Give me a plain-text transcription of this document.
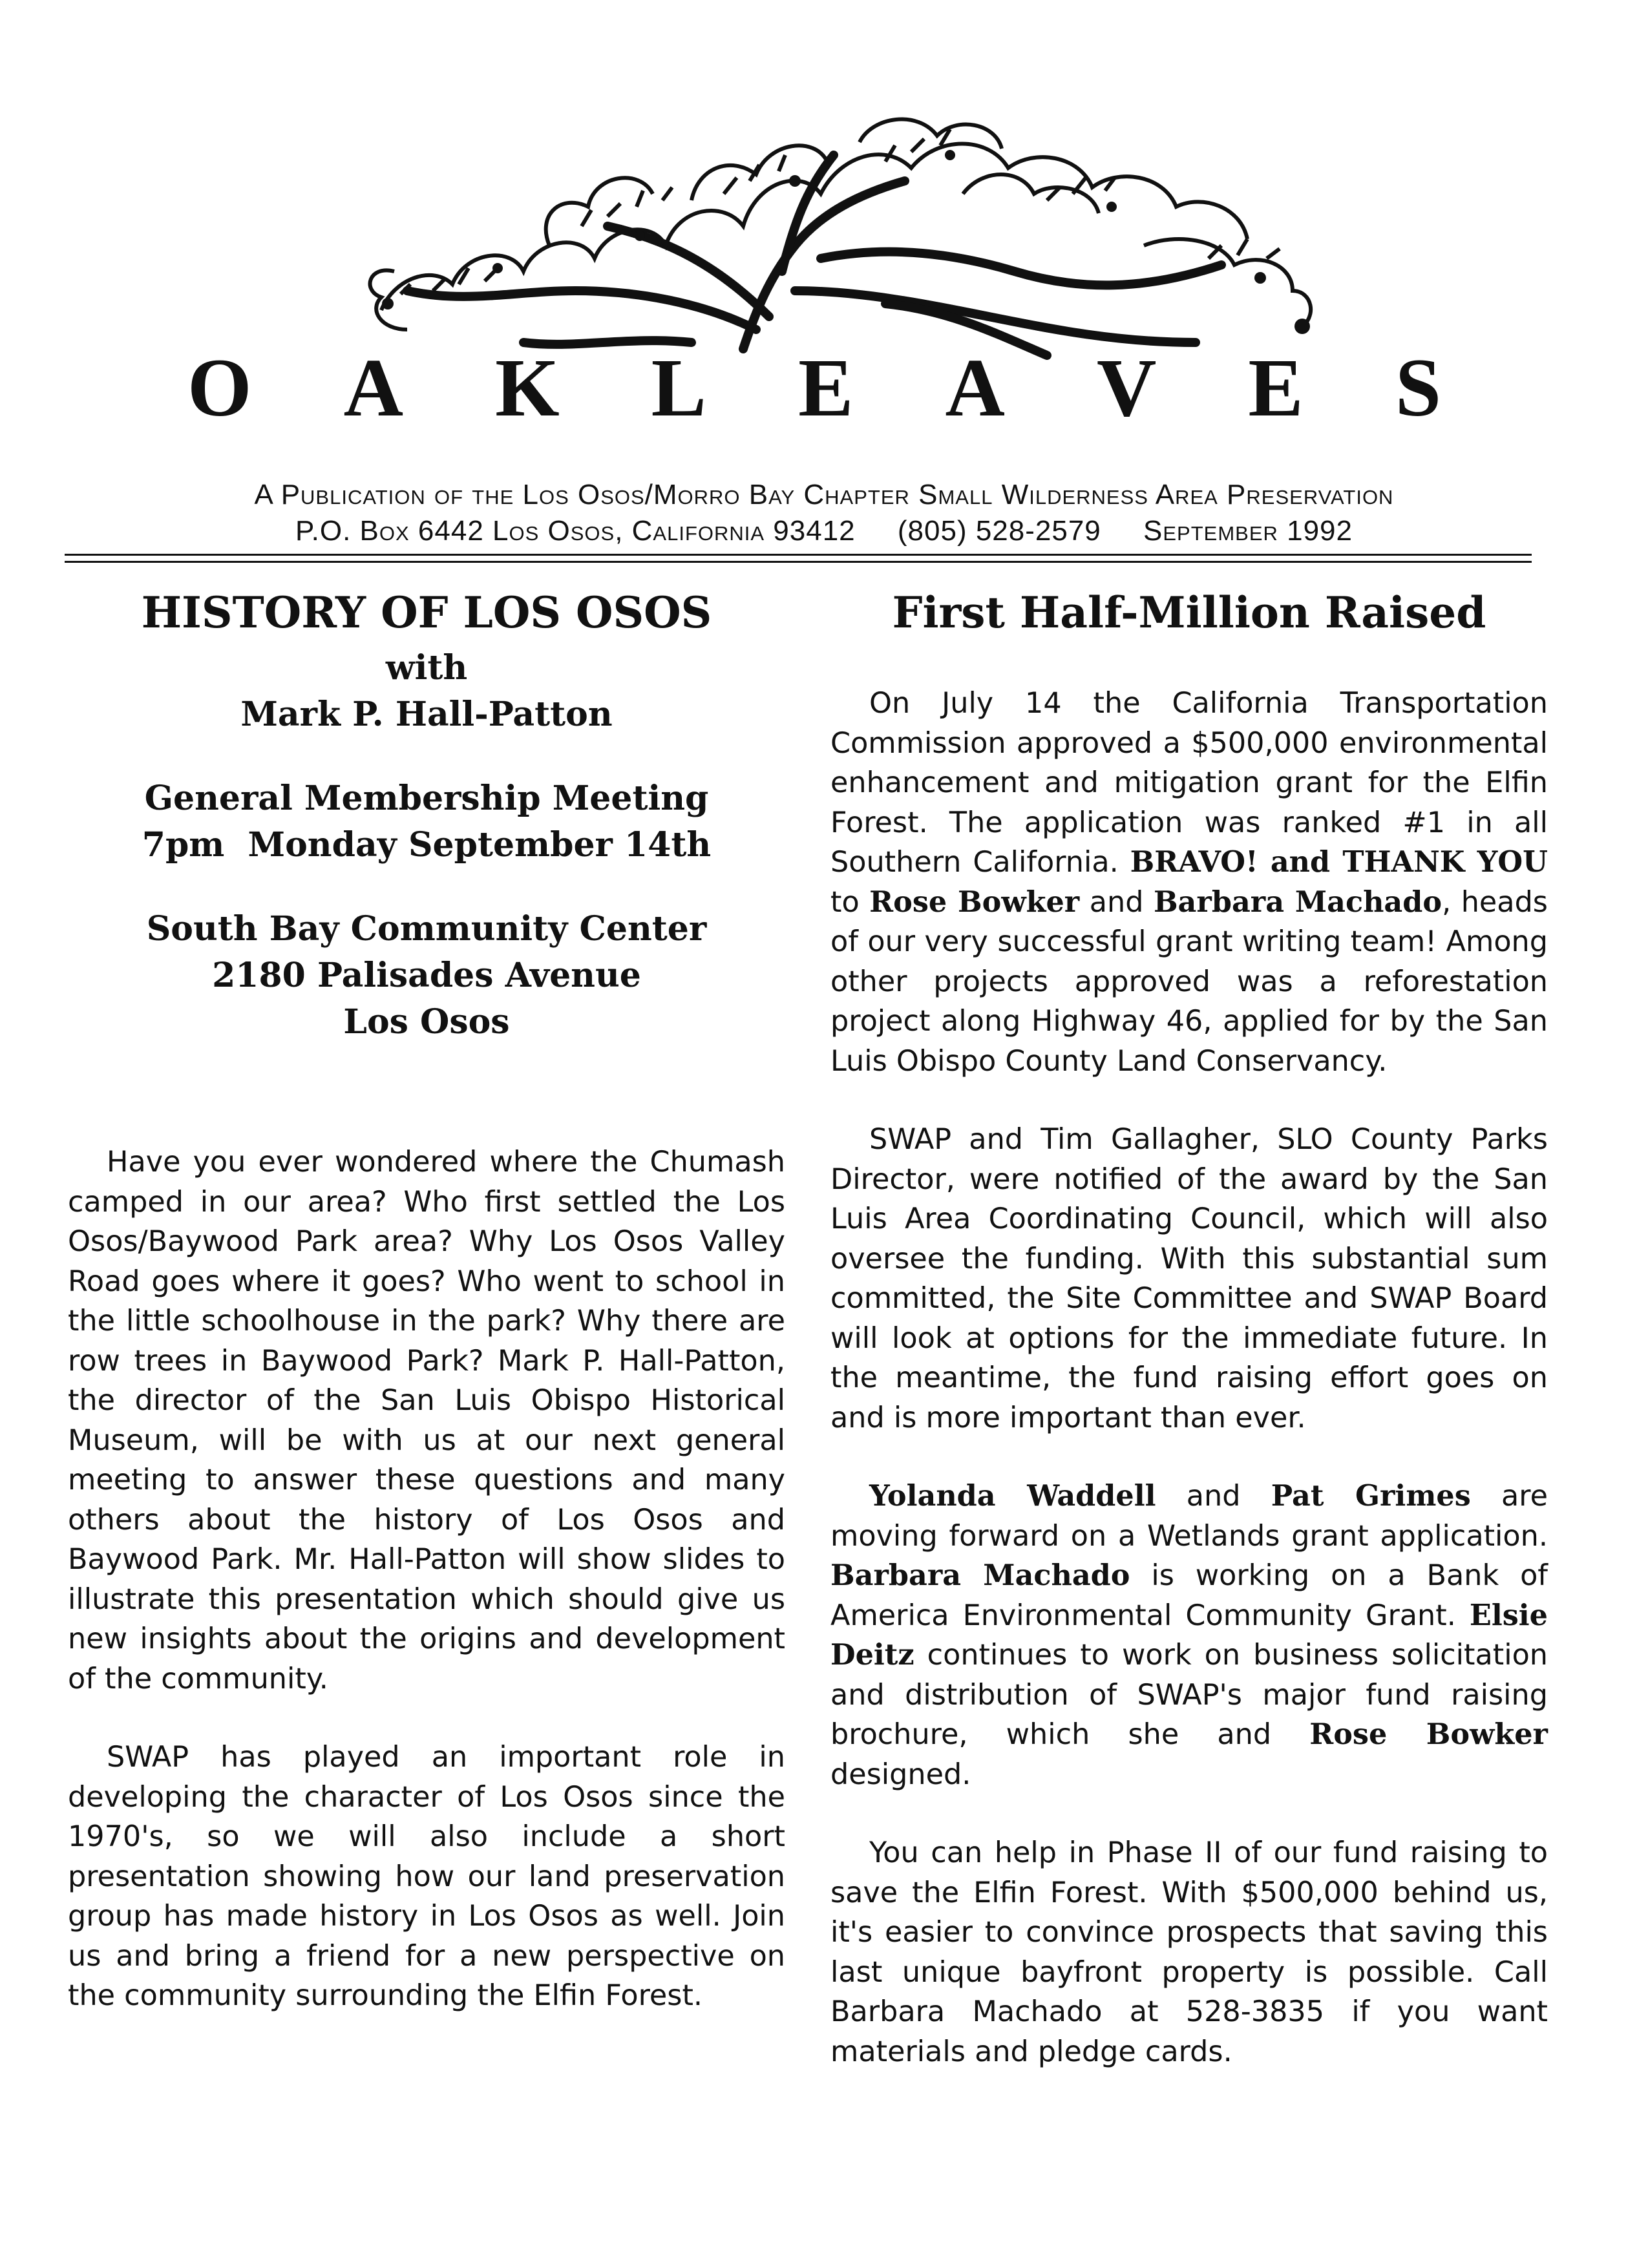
O A K L E A V E S
A Publication of the Los Osos/Morro Bay Chapter Small Wilderness Area Preservation
P.O. Box 6442 Los Osos, California 93412 (805) 528-2579 September 1992
HISTORY OF LOS OSOS

with

Mark P. Hall-Patton

General Membership Meeting

7pm  Monday September 14th

South Bay Community Center

2180 Palisades Avenue

Los Osos

Have you ever wondered where the Chumash camped in our area? Who first settled the Los Osos/Baywood Park area? Why Los Osos Valley Road goes where it goes? Who went to school in the little schoolhouse in the park? Why there are row trees in Baywood Park? Mark P. Hall-Patton, the director of the San Luis Obispo Historical Museum, will be with us at our next general meeting to answer these questions and many others about the history of Los Osos and Baywood Park. Mr. Hall-Patton will show slides to illustrate this presentation which should give us new insights about the origins and development of the community.

SWAP has played an important role in developing the character of Los Osos since the 1970's, so we will also include a short presentation showing how our land preservation group has made history in Los Osos as well. Join us and bring a friend for a new perspective on the community surrounding the Elfin Forest.

First Half-Million Raised

On July 14 the California Transportation Commission approved a $500,000 environmental enhancement and mitigation grant for the Elfin Forest. The application was ranked #1 in all Southern California. BRAVO! and THANK YOU to Rose Bowker and Barbara Machado, heads of our very successful grant writing team! Among other projects approved was a reforestation project along Highway 46, applied for by the San Luis Obispo County Land Conservancy.

SWAP and Tim Gallagher, SLO County Parks Director, were notified of the award by the San Luis Area Coordinating Council, which will also oversee the funding. With this substantial sum committed, the Site Committee and SWAP Board will look at options for the immediate future. In the meantime, the fund raising effort goes on and is more important than ever.

Yolanda Waddell and Pat Grimes are moving forward on a Wetlands grant application. Barbara Machado is working on a Bank of America Environmental Community Grant. Elsie Deitz continues to work on business solicitation and distribution of SWAP's major fund raising brochure, which she and Rose Bowker designed.

You can help in Phase II of our fund raising to save the Elfin Forest. With $500,000 behind us, it's easier to convince prospects that saving this last unique bayfront property is possible. Call Barbara Machado at 528-3835 if you want materials and pledge cards.
